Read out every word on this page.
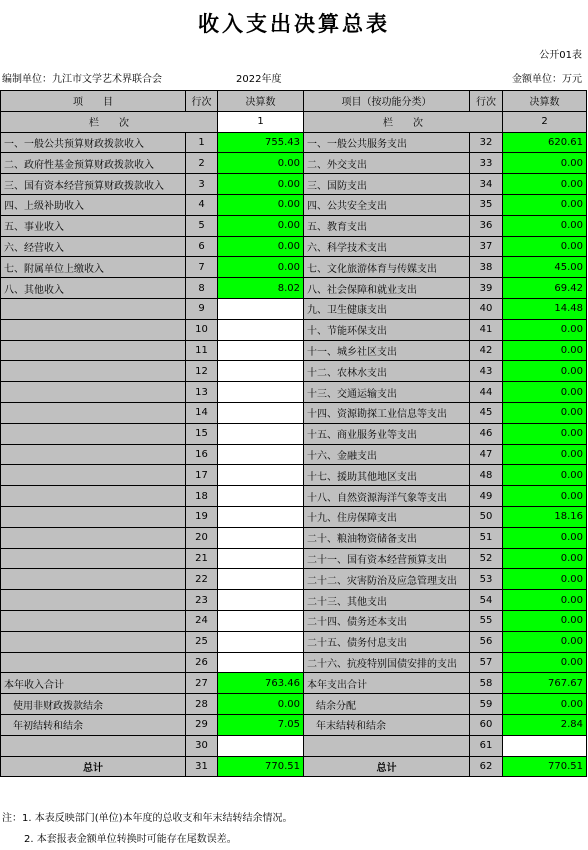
收入支出决算总表
公开01表
编制单位：九江市文学艺术界联合会	2022年度	金额单位：万元
项　　目	行次	决算数	项目（按功能分类）	行次	决算数
栏　　次		1	栏　　次		2
一、一般公共预算财政拨款收入	1	755.43	一、一般公共服务支出	32	620.61
二、政府性基金预算财政拨款收入	2	0.00	二、外交支出	33	0.00
三、国有资本经营预算财政拨款收入	3	0.00	三、国防支出	34	0.00
四、上级补助收入	4	0.00	四、公共安全支出	35	0.00
五、事业收入	5	0.00	五、教育支出	36	0.00
六、经营收入	6	0.00	六、科学技术支出	37	0.00
七、附属单位上缴收入	7	0.00	七、文化旅游体育与传媒支出	38	45.00
八、其他收入	8	8.02	八、社会保障和就业支出	39	69.42
	9		九、卫生健康支出	40	14.48
	10		十、节能环保支出	41	0.00
	11		十一、城乡社区支出	42	0.00
	12		十二、农林水支出	43	0.00
	13		十三、交通运输支出	44	0.00
	14		十四、资源勘探工业信息等支出	45	0.00
	15		十五、商业服务业等支出	46	0.00
	16		十六、金融支出	47	0.00
	17		十七、援助其他地区支出	48	0.00
	18		十八、自然资源海洋气象等支出	49	0.00
	19		十九、住房保障支出	50	18.16
	20		二十、粮油物资储备支出	51	0.00
	21		二十一、国有资本经营预算支出	52	0.00
	22		二十二、灾害防治及应急管理支出	53	0.00
	23		二十三、其他支出	54	0.00
	24		二十四、债务还本支出	55	0.00
	25		二十五、债务付息支出	56	0.00
	26		二十六、抗疫特别国债安排的支出	57	0.00
本年收入合计	27	763.46	本年支出合计	58	767.67
使用非财政拨款结余	28	0.00	结余分配	59	0.00
年初结转和结余	29	7.05	年末结转和结余	60	2.84
	30			61	
总计	31	770.51	总计	62	770.51
注：1. 本表反映部门(单位)本年度的总收支和年末结转结余情况。
2. 本套报表金额单位转换时可能存在尾数误差。
